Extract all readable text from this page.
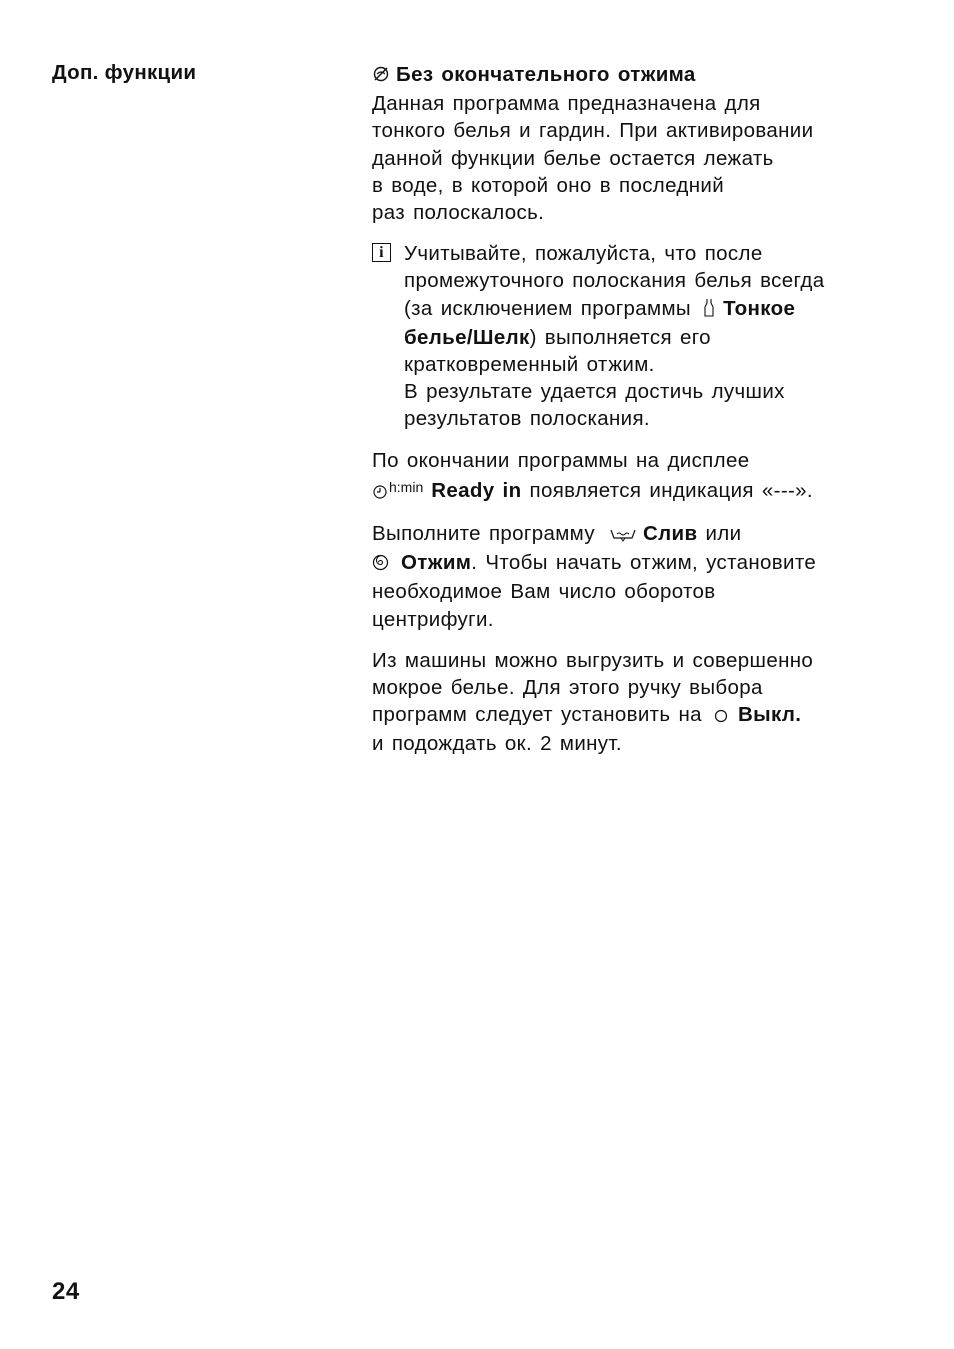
Доп. функции	Без окончательного отжима

Данная программа предназначена для
тонкого белья и гардин. При активировании
данной функции белье остается лежать
в воде, в которой оно в последний
раз полоскалось.

i Учитывайте, пожалуйста, что после
промежуточного полоскания белья всегда
(за исключением программы Тонкое
белье/Шелк) выполняется его
кратковременный отжим.
В результате удается достичь лучших
результатов полоскания.

По окончании программы на дисплее
$^{h:min}$ Ready in появляется индикация «---».

Выполните программу Слив или
Отжим. Чтобы начать отжим, установите
необходимое Вам число оборотов
центрифуги.

Из машины можно выгрузить и совершенно
мокрое белье. Для этого ручку выбора
программ следует установить на Выкл.
и подождать ок. 2 минут.

24
